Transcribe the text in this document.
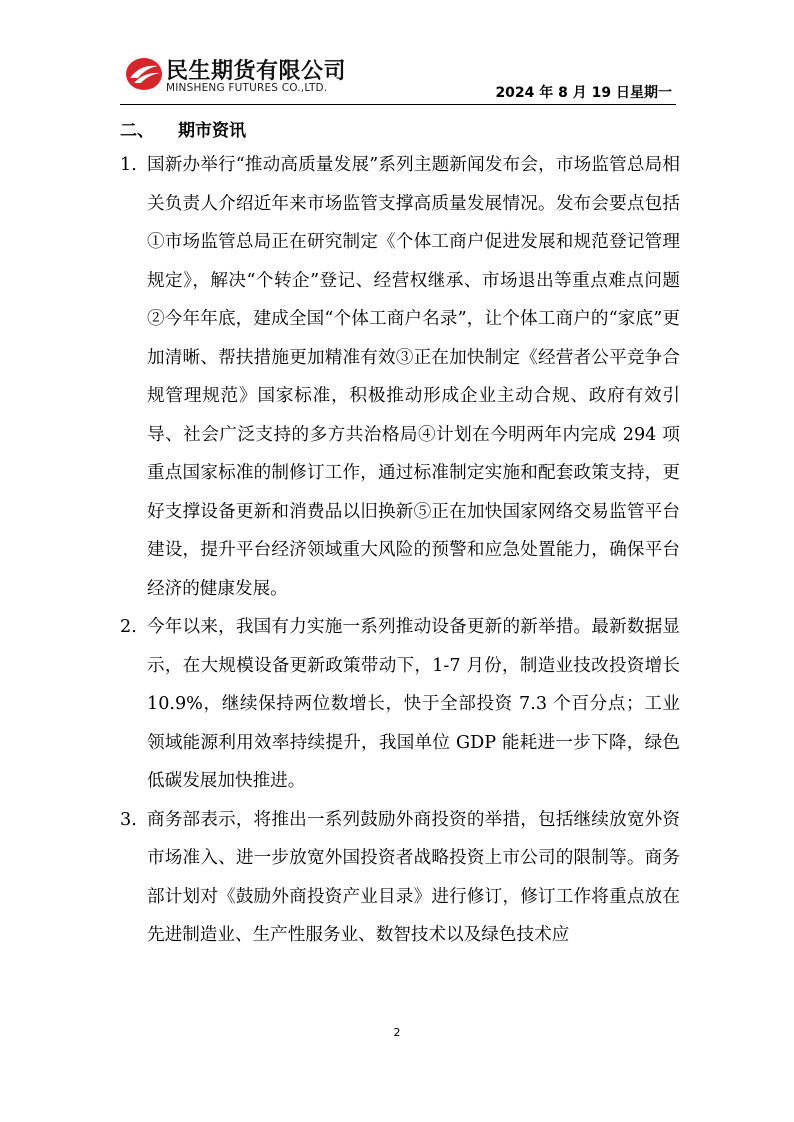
民生期货有限公司
MINSHENG FUTURES CO.,LTD.	2024 年 8 月 19 日星期一
二、 期市资讯
1. 国新办举行“推动高质量发展”系列主题新闻发布会，市场监管总局相关负责人介绍近年来市场监管支撑高质量发展情况。发布会要点包括①市场监管总局正在研究制定《个体工商户促进发展和规范登记管理规定》，解决“个转企”登记、经营权继承、市场退出等重点难点问题②今年年底，建成全国“个体工商户名录”，让个体工商户的“家底”更加清晰、帮扶措施更加精准有效③正在加快制定《经营者公平竞争合规管理规范》国家标准，积极推动形成企业主动合规、政府有效引导、社会广泛支持的多方共治格局④计划在今明两年内完成 294 项重点国家标准的制修订工作，通过标准制定实施和配套政策支持，更好支撑设备更新和消费品以旧换新⑤正在加快国家网络交易监管平台建设，提升平台经济领域重大风险的预警和应急处置能力，确保平台经济的健康发展。
2. 今年以来，我国有力实施一系列推动设备更新的新举措。最新数据显示，在大规模设备更新政策带动下，1-7 月份，制造业技改投资增长 10.9%，继续保持两位数增长，快于全部投资 7.3 个百分点；工业领域能源利用效率持续提升，我国单位 GDP 能耗进一步下降，绿色低碳发展加快推进。
3. 商务部表示，将推出一系列鼓励外商投资的举措，包括继续放宽外资市场准入、进一步放宽外国投资者战略投资上市公司的限制等。商务部计划对《鼓励外商投资产业目录》进行修订，修订工作将重点放在先进制造业、生产性服务业、数智技术以及绿色技术应
2
